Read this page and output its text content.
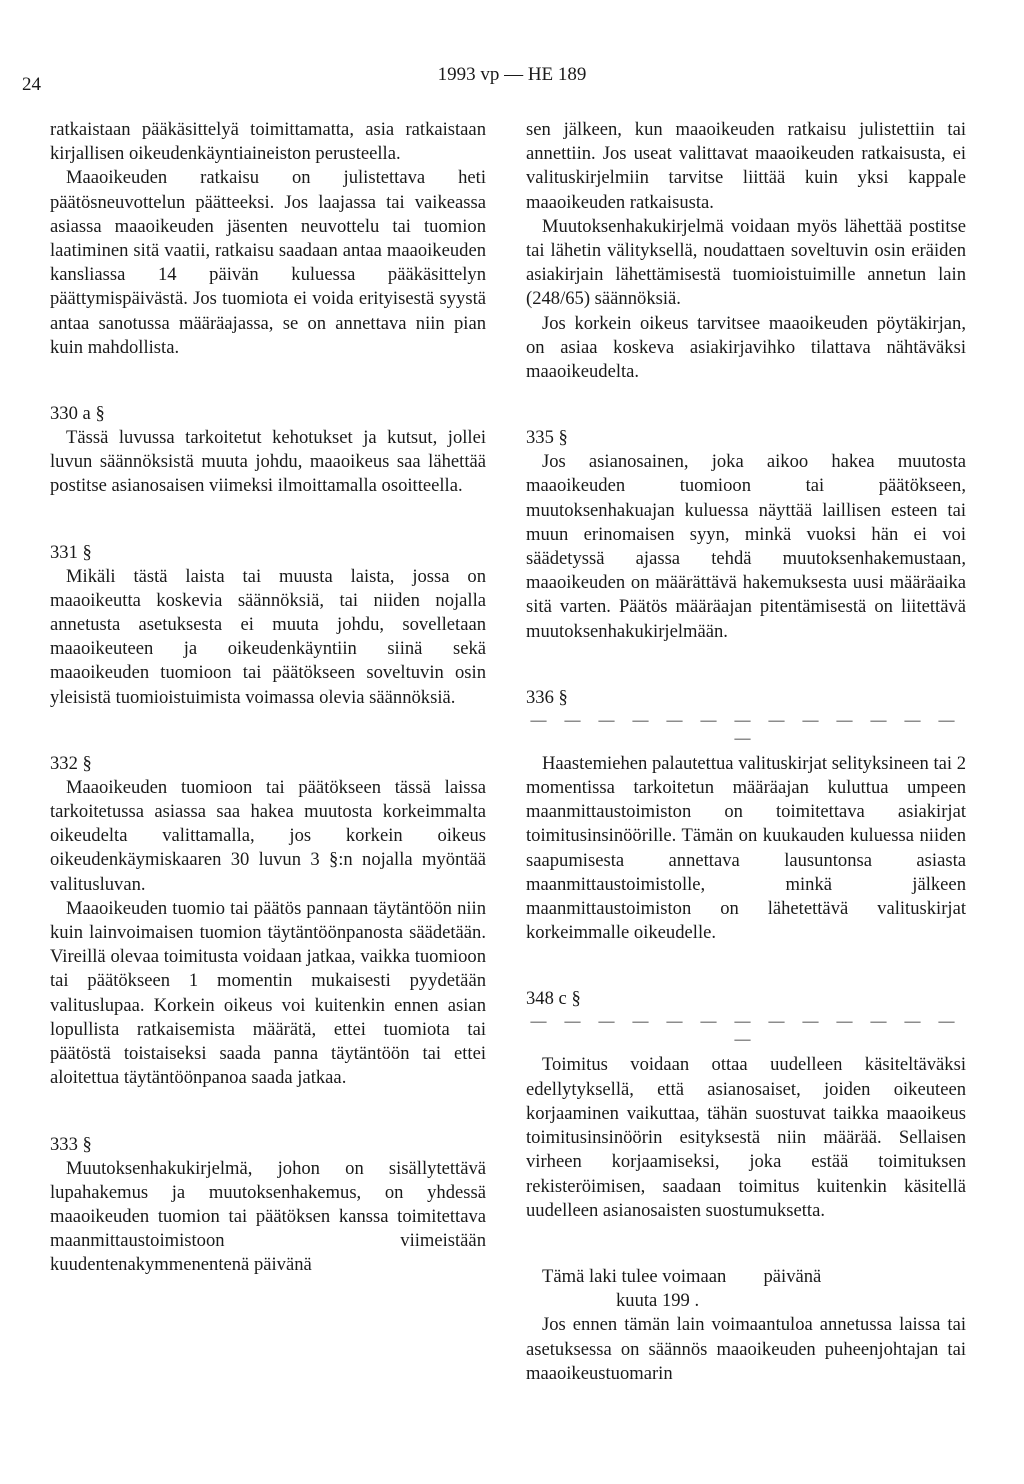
24	1993 vp — HE 189

ratkaistaan pääkäsittelyä toimittamatta, asia ratkaistaan kirjallisen oikeudenkäyntiaineiston perusteella.

Maaoikeuden ratkaisu on julistettava heti päätösneuvottelun päätteeksi. Jos laajassa tai vaikeassa asiassa maaoikeuden jäsenten neuvottelu tai tuomion laatiminen sitä vaatii, ratkaisu saadaan antaa maaoikeuden kansliassa 14 päivän kuluessa pääkäsittelyn päättymispäivästä. Jos tuomiota ei voida erityisestä syystä antaa sanotussa määräajassa, se on annettava niin pian kuin mahdollista.

330 a §

Tässä luvussa tarkoitetut kehotukset ja kutsut, jollei luvun säännöksistä muuta johdu, maaoikeus saa lähettää postitse asianosaisen viimeksi ilmoittamalla osoitteella.

331 §

Mikäli tästä laista tai muusta laista, jossa on maaoikeutta koskevia säännöksiä, tai niiden nojalla annetusta asetuksesta ei muuta johdu, sovelletaan maaoikeuteen ja oikeudenkäyntiin siinä sekä maaoikeuden tuomioon tai päätökseen soveltuvin osin yleisistä tuomioistuimista voimassa olevia säännöksiä.

332 §

Maaoikeuden tuomioon tai päätökseen tässä laissa tarkoitetussa asiassa saa hakea muutosta korkeimmalta oikeudelta valittamalla, jos korkein oikeus oikeudenkäymiskaaren 30 luvun 3 §:n nojalla myöntää valitusluvan.

Maaoikeuden tuomio tai päätös pannaan täytäntöön niin kuin lainvoimaisen tuomion täytäntöönpanosta säädetään. Vireillä olevaa toimitusta voidaan jatkaa, vaikka tuomioon tai päätökseen 1 momentin mukaisesti pyydetään valituslupaa. Korkein oikeus voi kuitenkin ennen asian lopullista ratkaisemista määrätä, ettei tuomiota tai päätöstä toistaiseksi saada panna täytäntöön tai ettei aloitettua täytäntöönpanoa saada jatkaa.

333 §

Muutoksenhakukirjelmä, johon on sisällytettävä lupahakemus ja muutoksenhakemus, on yhdessä maaoikeuden tuomion tai päätöksen kanssa toimitettava maanmittaustoimistoon viimeistään kuudentenakymmenentenä päivänä

sen jälkeen, kun maaoikeuden ratkaisu julistettiin tai annettiin. Jos useat valittavat maaoikeuden ratkaisusta, ei valituskirjelmiin tarvitse liittää kuin yksi kappale maaoikeuden ratkaisusta.

Muutoksenhakukirjelmä voidaan myös lähettää postitse tai lähetin välityksellä, noudattaen soveltuvin osin eräiden asiakirjain lähettämisestä tuomioistuimille annetun lain (248/65) säännöksiä.

Jos korkein oikeus tarvitsee maaoikeuden pöytäkirjan, on asiaa koskeva asiakirjavihko tilattava nähtäväksi maaoikeudelta.

335 §

Jos asianosainen, joka aikoo hakea muutosta maaoikeuden tuomioon tai päätökseen, muutoksenhakuajan kuluessa näyttää laillisen esteen tai muun erinomaisen syyn, minkä vuoksi hän ei voi säädetyssä ajassa tehdä muutoksenhakemustaan, maaoikeuden on määrättävä hakemuksesta uusi määräaika sitä varten. Päätös määräajan pitentämisestä on liitettävä muutoksenhakukirjelmään.

336 §

— — — — — — — — — — — — — —

Haastemiehen palautettua valituskirjat selityksineen tai 2 momentissa tarkoitetun määräajan kuluttua umpeen maanmittaustoimiston on toimitettava asiakirjat toimitusinsinöörille. Tämän on kuukauden kuluessa niiden saapumisesta annettava lausuntonsa asiasta maanmittaustoimistolle, minkä jälkeen maanmittaustoimiston on lähetettävä valituskirjat korkeimmalle oikeudelle.

348 c §

— — — — — — — — — — — — — —

Toimitus voidaan ottaa uudelleen käsiteltäväksi edellytyksellä, että asianosaiset, joiden oikeuteen korjaaminen vaikuttaa, tähän suostuvat taikka maaoikeus toimitusinsinöörin esityksestä niin määrää. Sellaisen virheen korjaamiseksi, joka estää toimituksen rekisteröimisen, saadaan toimitus kuitenkin käsitellä uudelleen asianosaisten suostumuksetta.

Tämä laki tulee voimaan        päivänä

kuuta 199 .

Jos ennen tämän lain voimaantuloa annetussa laissa tai asetuksessa on säännös maaoikeuden puheenjohtajan tai maaoikeustuomarin
